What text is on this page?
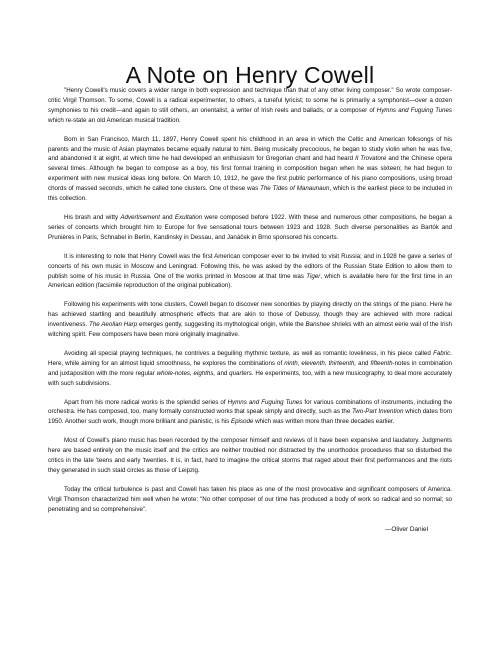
A Note on Henry Cowell

"Henry Cowell's music covers a wider range in both expression and technique than that of any other living composer." So wrote composer-critic Virgil Thomson. To some, Cowell is a radical experimenter, to others, a tuneful lyricist; to some he is primarily a symphonist—over a dozen symphonies to his credit—and again to still others, an orientalist, a writer of Irish reels and ballads, or a composer of Hymns and Fuguing Tunes which re-state an old American musical tradition.

Born in San Francisco, March 11, 1897, Henry Cowell spent his childhood in an area in which the Celtic and American folksongs of his parents and the music of Asian playmates became equally natural to him. Being musically precocious, he began to study violin when he was five, and abandoned it at eight, at which time he had developed an enthusiasm for Gregorian chant and had heard Il Trovatore and the Chinese opera several times. Although he began to compose as a boy, his first formal training in composition began when he was sixteen; he had begun to experiment with new musical ideas long before. On March 10, 1912, he gave the first public performance of his piano compositions, using broad chords of massed seconds, which he called tone clusters. One of these was The Tides of Manaunaun, which is the earliest piece to be included in this collection.

His brash and witty Advertisement and Exultation were composed before 1922. With these and numerous other compositions, he began a series of concerts which brought him to Europe for five sensational tours between 1923 and 1928. Such diverse personalities as Bartók and Prunières in Paris, Schnabel in Berlin, Kandinsky in Dessau, and Janáček in Brno sponsored his concerts.

It is interesting to note that Henry Cowell was the first American composer ever to be invited to visit Russia; and in 1928 he gave a series of concerts of his own music in Moscow and Leningrad. Following this, he was asked by the editors of the Russian State Edition to allow them to publish some of his music in Russia. One of the works printed in Moscow at that time was Tiger, which is available here for the first time in an American edition (facsimile reproduction of the original publication).

Following his experiments with tone clusters, Cowell began to discover new sonorities by playing directly on the strings of the piano. Here he has achieved startling and beautifully atmospheric effects that are akin to those of Debussy, though they are achieved with more radical inventiveness. The Aeolian Harp emerges gently, suggesting its mythological origin, while the Banshee shrieks with an almost eerie wail of the Irish witching spirit. Few composers have been more originally imaginative.

Avoiding all special playing techniques, he contrives a beguiling rhythmic texture, as well as romantic loveliness, in his piece called Fabric. Here, while aiming for an almost liquid smoothness, he explores the combinations of ninth, eleventh, thirteenth, and fifteenth-notes in combination and juxtaposition with the more regular whole-notes, eighths, and quarters. He experiments, too, with a new musicography, to deal more accurately with such subdivisions.

Apart from his more radical works is the splendid series of Hymns and Fuguing Tunes for various combinations of instruments, including the orchestra. He has composed, too, many formally constructed works that speak simply and directly, such as the Two-Part Invention which dates from 1950. Another such work, though more brilliant and pianistic, is his Episode which was written more than three decades earlier.

Most of Cowell's piano music has been recorded by the composer himself and reviews of it have been expansive and laudatory. Judgments here are based entirely on the music itself and the critics are neither troubled nor distracted by the unorthodox procedures that so disturbed the critics in the late 'teens and early 'twenties. It is, in fact, hard to imagine the critical storms that raged about their first performances and the riots they generated in such staid circles as those of Leipzig.

Today the critical turbulence is past and Cowell has taken his place as one of the most provocative and significant composers of America. Virgil Thomson characterized him well when he wrote: "No other composer of our time has produced a body of work so radical and so normal; so penetrating and so comprehensive".

—Oliver Daniel
